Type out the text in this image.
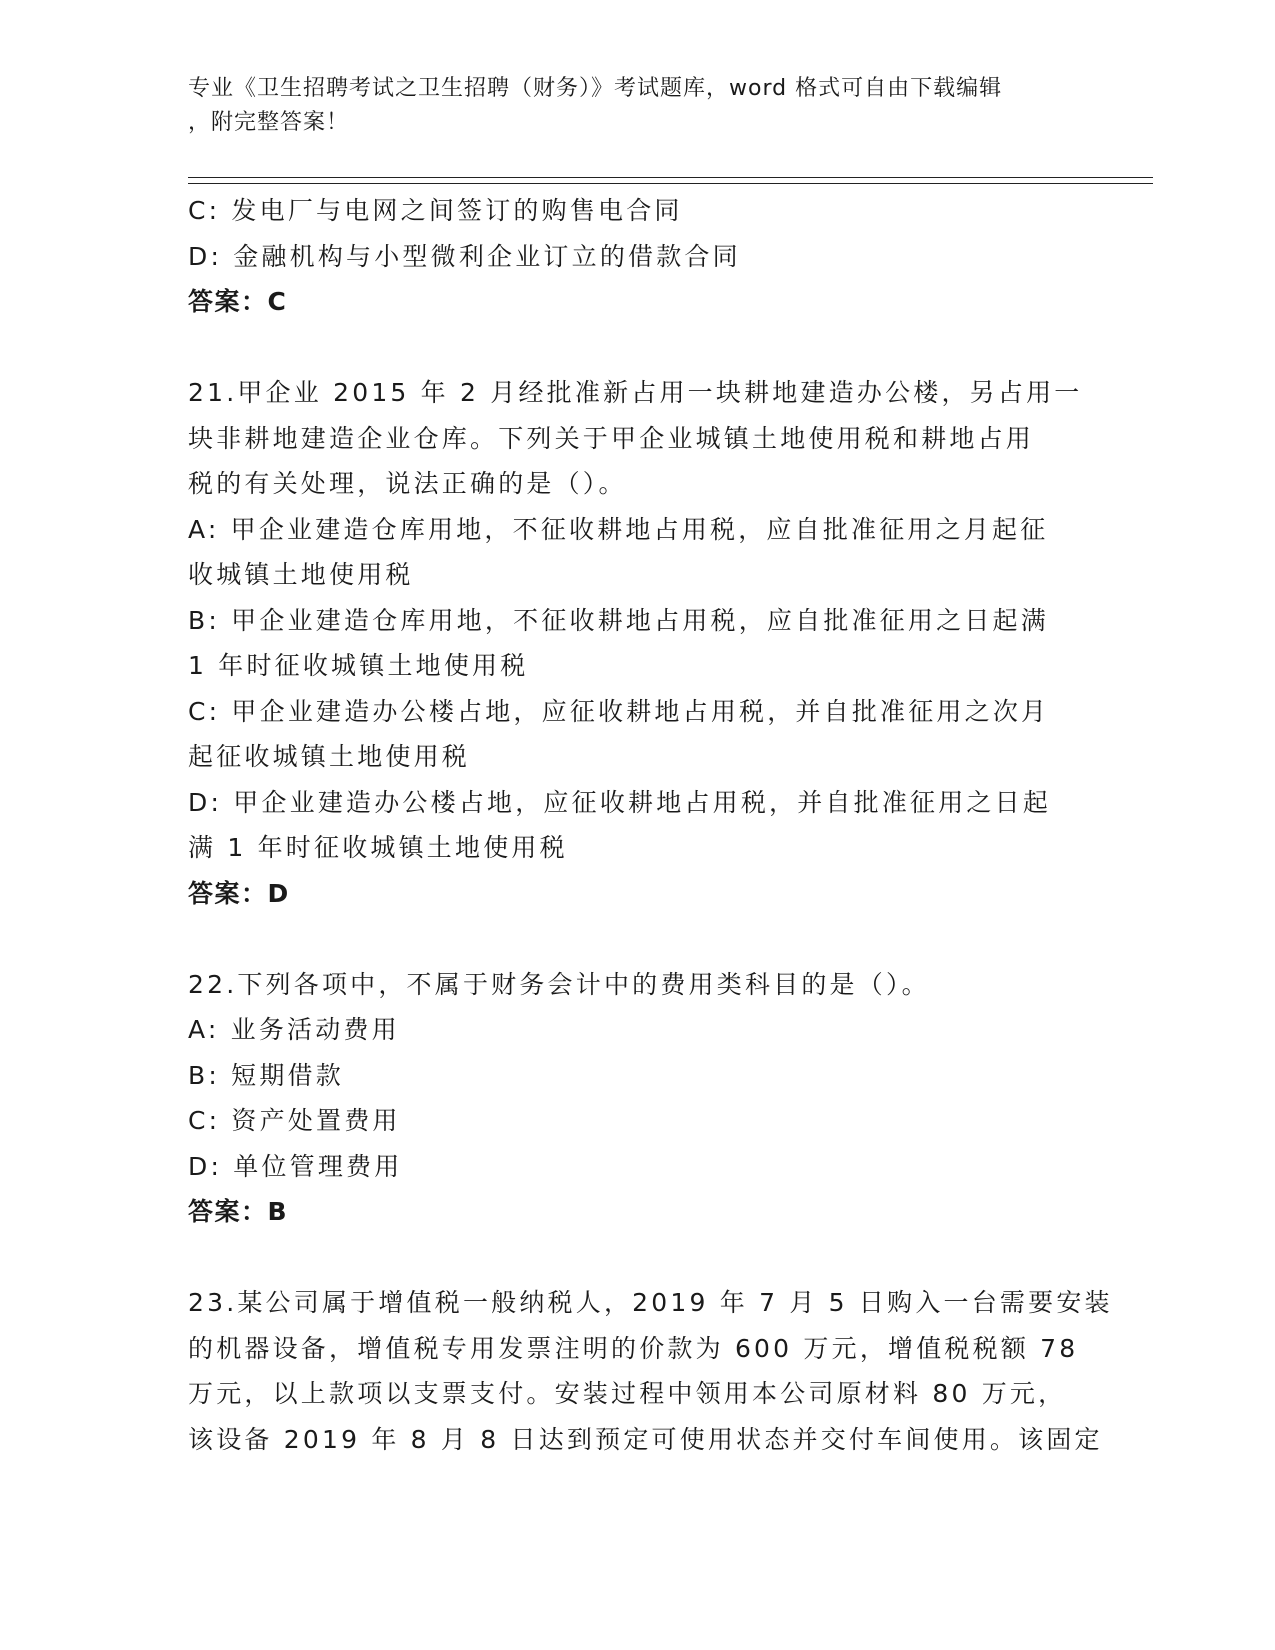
专业《卫生招聘考试之卫生招聘（财务）》考试题库，word 格式可自由下载编辑
，附完整答案！
C: 发电厂与电网之间签订的购售电合同
D: 金融机构与小型微利企业订立的借款合同
答案：C
21.甲企业 2015 年 2 月经批准新占用一块耕地建造办公楼，另占用一
块非耕地建造企业仓库。下列关于甲企业城镇土地使用税和耕地占用
税的有关处理，说法正确的是（）。
A: 甲企业建造仓库用地，不征收耕地占用税，应自批准征用之月起征
收城镇土地使用税
B: 甲企业建造仓库用地，不征收耕地占用税，应自批准征用之日起满
1 年时征收城镇土地使用税
C: 甲企业建造办公楼占地，应征收耕地占用税，并自批准征用之次月
起征收城镇土地使用税
D: 甲企业建造办公楼占地，应征收耕地占用税，并自批准征用之日起
满 1 年时征收城镇土地使用税
答案：D
22.下列各项中，不属于财务会计中的费用类科目的是（）。
A: 业务活动费用
B: 短期借款
C: 资产处置费用
D: 单位管理费用
答案：B
23.某公司属于增值税一般纳税人，2019 年 7 月 5 日购入一台需要安装
的机器设备，增值税专用发票注明的价款为 600 万元，增值税税额 78
万元，以上款项以支票支付。安装过程中领用本公司原材料 80 万元，
该设备 2019 年 8 月 8 日达到预定可使用状态并交付车间使用。该固定
